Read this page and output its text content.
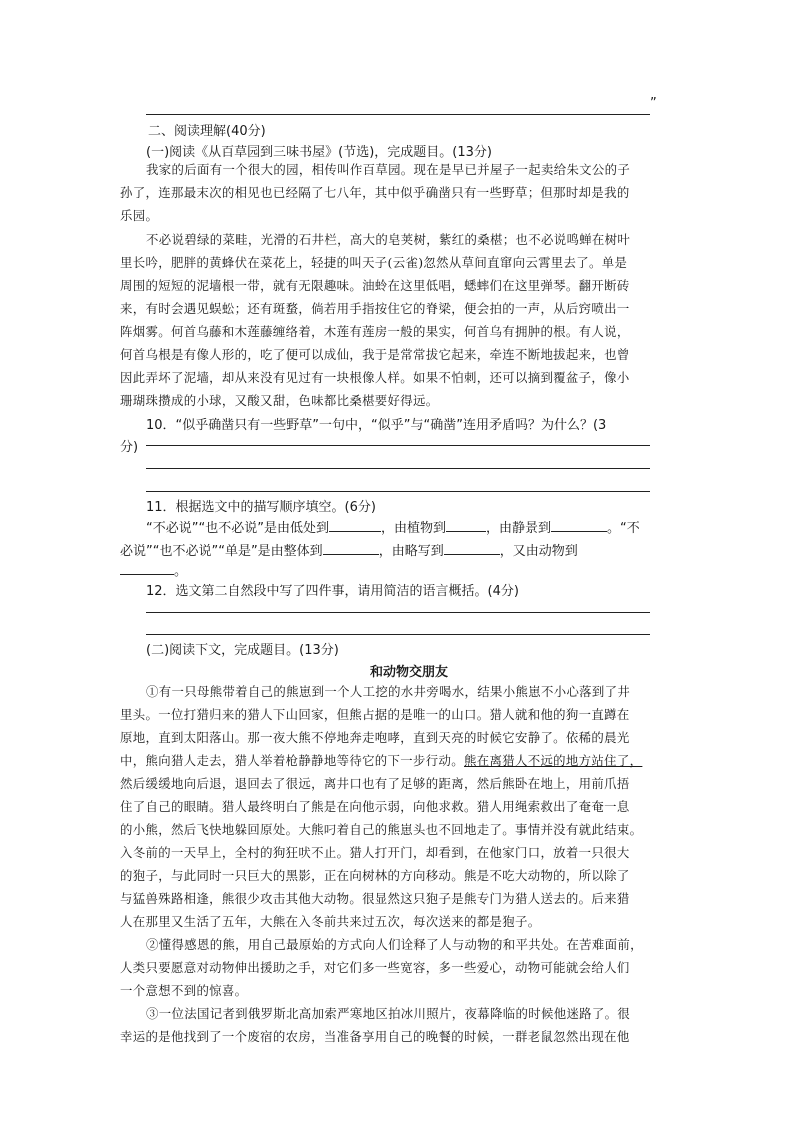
”
二、阅读理解(40分)
(一)阅读《从百草园到三味书屋》(节选)，完成题目。(13分)
我家的后面有一个很大的园，相传叫作百草园。现在是早已并屋子一起卖给朱文公的子
孙了，连那最末次的相见也已经隔了七八年，其中似乎确凿只有一些野草；但那时却是我的
乐园。
不必说碧绿的菜畦，光滑的石井栏，高大的皂荚树，紫红的桑椹；也不必说鸣蝉在树叶
里长吟，肥胖的黄蜂伏在菜花上，轻捷的叫天子(云雀)忽然从草间直窜向云霄里去了。单是
周围的短短的泥墙根一带，就有无限趣味。油蛉在这里低唱，蟋蟀们在这里弹琴。翻开断砖
来，有时会遇见蜈蚣；还有斑蝥，倘若用手指按住它的脊梁，便会拍的一声，从后窍喷出一
阵烟雾。何首乌藤和木莲藤缠络着，木莲有莲房一般的果实，何首乌有拥肿的根。有人说，
何首乌根是有像人形的，吃了便可以成仙，我于是常常拔它起来，牵连不断地拔起来，也曾
因此弄坏了泥墙，却从来没有见过有一块根像人样。如果不怕刺，还可以摘到覆盆子，像小
珊瑚珠攒成的小球，又酸又甜，色味都比桑椹要好得远。
10．“似乎确凿只有一些野草”一句中，“似乎”与“确凿”连用矛盾吗？为什么？(3
分)
11．根据选文中的描写顺序填空。(6分)
“不必说”“也不必说”是由低处到	，由植物到	，由静景到	。“不
必说”“也不必说”“单是”是由整体到	，由略写到	，又由动物到
。
12．选文第二自然段中写了四件事，请用简洁的语言概括。(4分)
(二)阅读下文，完成题目。(13分)
和动物交朋友
①有一只母熊带着自己的熊崽到一个人工挖的水井旁喝水，结果小熊崽不小心落到了井
里头。一位打猎归来的猎人下山回家，但熊占据的是唯一的山口。猎人就和他的狗一直蹲在
原地，直到太阳落山。那一夜大熊不停地奔走咆哮，直到天亮的时候它安静了。依稀的晨光
中，熊向猎人走去，猎人举着枪静静地等待它的下一步行动。熊在离猎人不远的地方站住了，
然后缓缓地向后退，退回去了很远，离井口也有了足够的距离，然后熊卧在地上，用前爪捂
住了自己的眼睛。猎人最终明白了熊是在向他示弱，向他求救。猎人用绳索救出了奄奄一息
的小熊，然后飞快地躲回原处。大熊叼着自己的熊崽头也不回地走了。事情并没有就此结束。
入冬前的一天早上，全村的狗狂吠不止。猎人打开门，却看到，在他家门口，放着一只很大
的狍子，与此同时一只巨大的黑影，正在向树林的方向移动。熊是不吃大动物的，所以除了
与猛兽殊路相逢，熊很少攻击其他大动物。很显然这只狍子是熊专门为猎人送去的。后来猎
人在那里又生活了五年，大熊在入冬前共来过五次，每次送来的都是狍子。
②懂得感恩的熊，用自己最原始的方式向人们诠释了人与动物的和平共处。在苦难面前，
人类只要愿意对动物伸出援助之手，对它们多一些宽容，多一些爱心，动物可能就会给人们
一个意想不到的惊喜。
③一位法国记者到俄罗斯北高加索严寒地区拍冰川照片，夜幕降临的时候他迷路了。很
幸运的是他找到了一个废宿的农房，当准备享用自己的晚餐的时候，一群老鼠忽然出现在他
